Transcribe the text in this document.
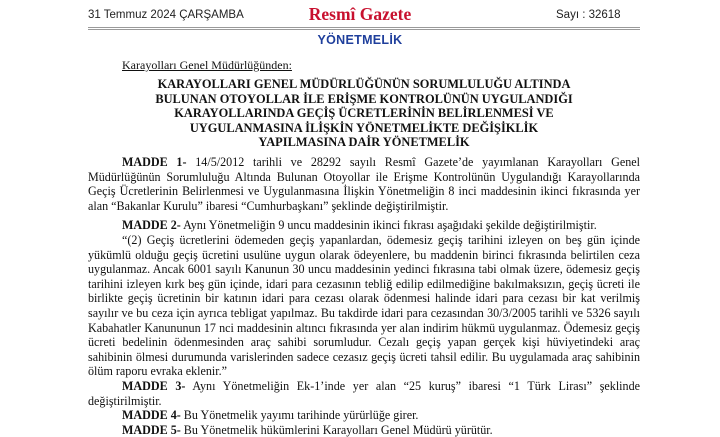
31 Temmuz 2024 ÇARŞAMBA	Resmî Gazete	Sayı : 32618
YÖNETMELİK
Karayolları Genel Müdürlüğünden:
KARAYOLLARI GENEL MÜDÜRLÜĞÜNÜN SORUMLULUĞU ALTINDA
BULUNAN OTOYOLLAR İLE ERİŞME KONTROLÜNÜN UYGULANDIĞI
KARAYOLLARINDA GEÇİŞ ÜCRETLERİNİN BELİRLENMESİ VE
UYGULANMASINA İLİŞKİN YÖNETMELİKTE DEĞİŞİKLİK
YAPILMASINA DAİR YÖNETMELİK

MADDE 1- 14/5/2012 tarihli ve 28292 sayılı Resmî Gazete’de yayımlanan Karayolları Genel Müdürlüğünün Sorumluluğu Altında Bulunan Otoyollar ile Erişme Kontrolünün Uygulandığı Karayollarında Geçiş Ücretlerinin Belirlenmesi ve Uygulanmasına İlişkin Yönetmeliğin 8 inci maddesinin ikinci fıkrasında yer alan “Bakanlar Kurulu” ibaresi “Cumhurbaşkanı” şeklinde değiştirilmiştir.

MADDE 2- Aynı Yönetmeliğin 9 uncu maddesinin ikinci fıkrası aşağıdaki şekilde değiştirilmiştir.

“(2) Geçiş ücretlerini ödemeden geçiş yapanlardan, ödemesiz geçiş tarihini izleyen on beş gün içinde yükümlü olduğu geçiş ücretini usulüne uygun olarak ödeyenlere, bu maddenin birinci fıkrasında belirtilen ceza uygulanmaz. Ancak 6001 sayılı Kanunun 30 uncu maddesinin yedinci fıkrasına tabi olmak üzere, ödemesiz geçiş tarihini izleyen kırk beş gün içinde, idari para cezasının tebliğ edilip edilmediğine bakılmaksızın, geçiş ücreti ile birlikte geçiş ücretinin bir katının idari para cezası olarak ödenmesi halinde idari para cezası bir kat verilmiş sayılır ve bu ceza için ayrıca tebligat yapılmaz. Bu takdirde idari para cezasından 30/3/2005 tarihli ve 5326 sayılı Kabahatler Kanununun 17 nci maddesinin altıncı fıkrasında yer alan indirim hükmü uygulanmaz. Ödemesiz geçiş ücreti bedelinin ödenmesinden araç sahibi sorumludur. Cezalı geçiş yapan gerçek kişi hüviyetindeki araç sahibinin ölmesi durumunda varislerinden sadece cezasız geçiş ücreti tahsil edilir. Bu uygulamada araç sahibinin ölüm raporu evraka eklenir.”

MADDE 3- Aynı Yönetmeliğin Ek-1’inde yer alan “25 kuruş” ibaresi “1 Türk Lirası” şeklinde değiştirilmiştir.

MADDE 4- Bu Yönetmelik yayımı tarihinde yürürlüğe girer.

MADDE 5- Bu Yönetmelik hükümlerini Karayolları Genel Müdürü yürütür.
